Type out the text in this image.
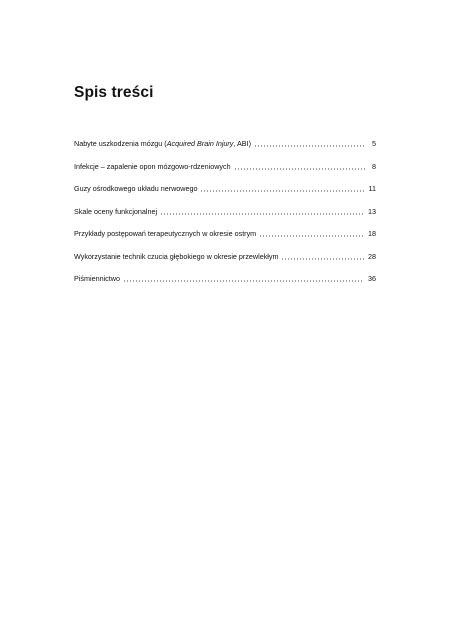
Spis treści
Nabyte uszkodzenia mózgu (Acquired Brain Injury, ABI)	5
Infekcje – zapalenie opon mózgowo-rdzeniowych	8
Guzy ośrodkowego układu nerwowego	11
Skale oceny funkcjonalnej	13
Przykłady postępowań terapeutycznych w okresie ostrym	18
Wykorzystanie technik czucia głębokiego w okresie przewlekłym	28
Piśmiennictwo	36
